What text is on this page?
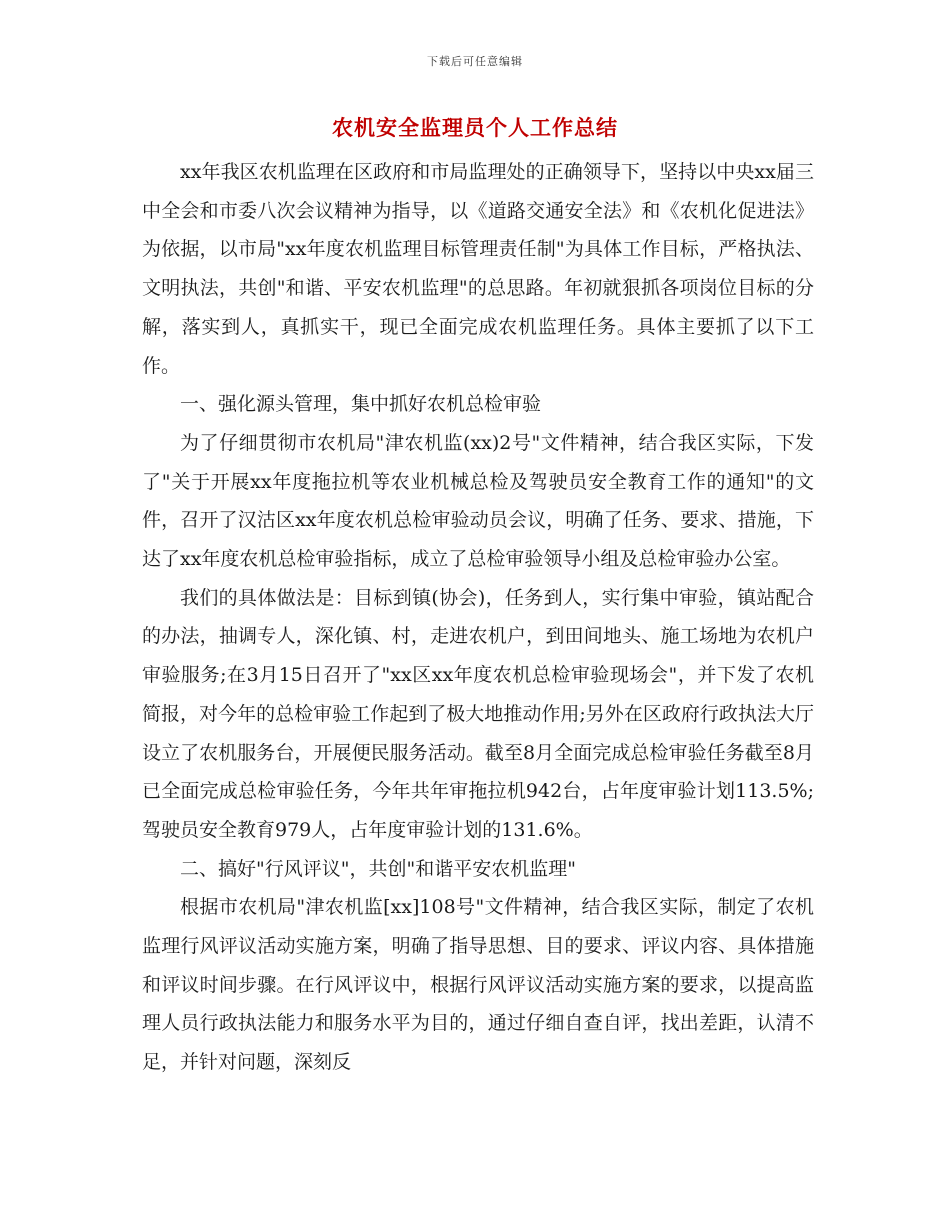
下载后可任意编辑
农机安全监理员个人工作总结

xx年我区农机监理在区政府和市局监理处的正确领导下，坚持以中央xx届三中全会和市委八次会议精神为指导，以《道路交通安全法》和《农机化促进法》为依据，以市局"xx年度农机监理目标管理责任制"为具体工作目标，严格执法、文明执法，共创"和谐、平安农机监理"的总思路。年初就狠抓各项岗位目标的分解，落实到人，真抓实干，现已全面完成农机监理任务。具体主要抓了以下工作。

一、强化源头管理，集中抓好农机总检审验

为了仔细贯彻市农机局"津农机监(xx)2号"文件精神，结合我区实际，下发了"关于开展xx年度拖拉机等农业机械总检及驾驶员安全教育工作的通知"的文件，召开了汉沽区xx年度农机总检审验动员会议，明确了任务、要求、措施，下达了xx年度农机总检审验指标，成立了总检审验领导小组及总检审验办公室。

我们的具体做法是：目标到镇(协会)，任务到人，实行集中审验，镇站配合的办法，抽调专人，深化镇、村，走进农机户，到田间地头、施工场地为农机户审验服务;在3月15日召开了"xx区xx年度农机总检审验现场会"，并下发了农机简报，对今年的总检审验工作起到了极大地推动作用;另外在区政府行政执法大厅设立了农机服务台，开展便民服务活动。截至8月全面完成总检审验任务截至8月已全面完成总检审验任务，今年共年审拖拉机942台，占年度审验计划113.5%;驾驶员安全教育979人，占年度审验计划的131.6%。

二、搞好"行风评议"，共创"和谐平安农机监理"

根据市农机局"津农机监[xx]108号"文件精神，结合我区实际，制定了农机监理行风评议活动实施方案，明确了指导思想、目的要求、评议内容、具体措施和评议时间步骤。在行风评议中，根据行风评议活动实施方案的要求，以提高监理人员行政执法能力和服务水平为目的，通过仔细自查自评，找出差距，认清不足，并针对问题，深刻反
